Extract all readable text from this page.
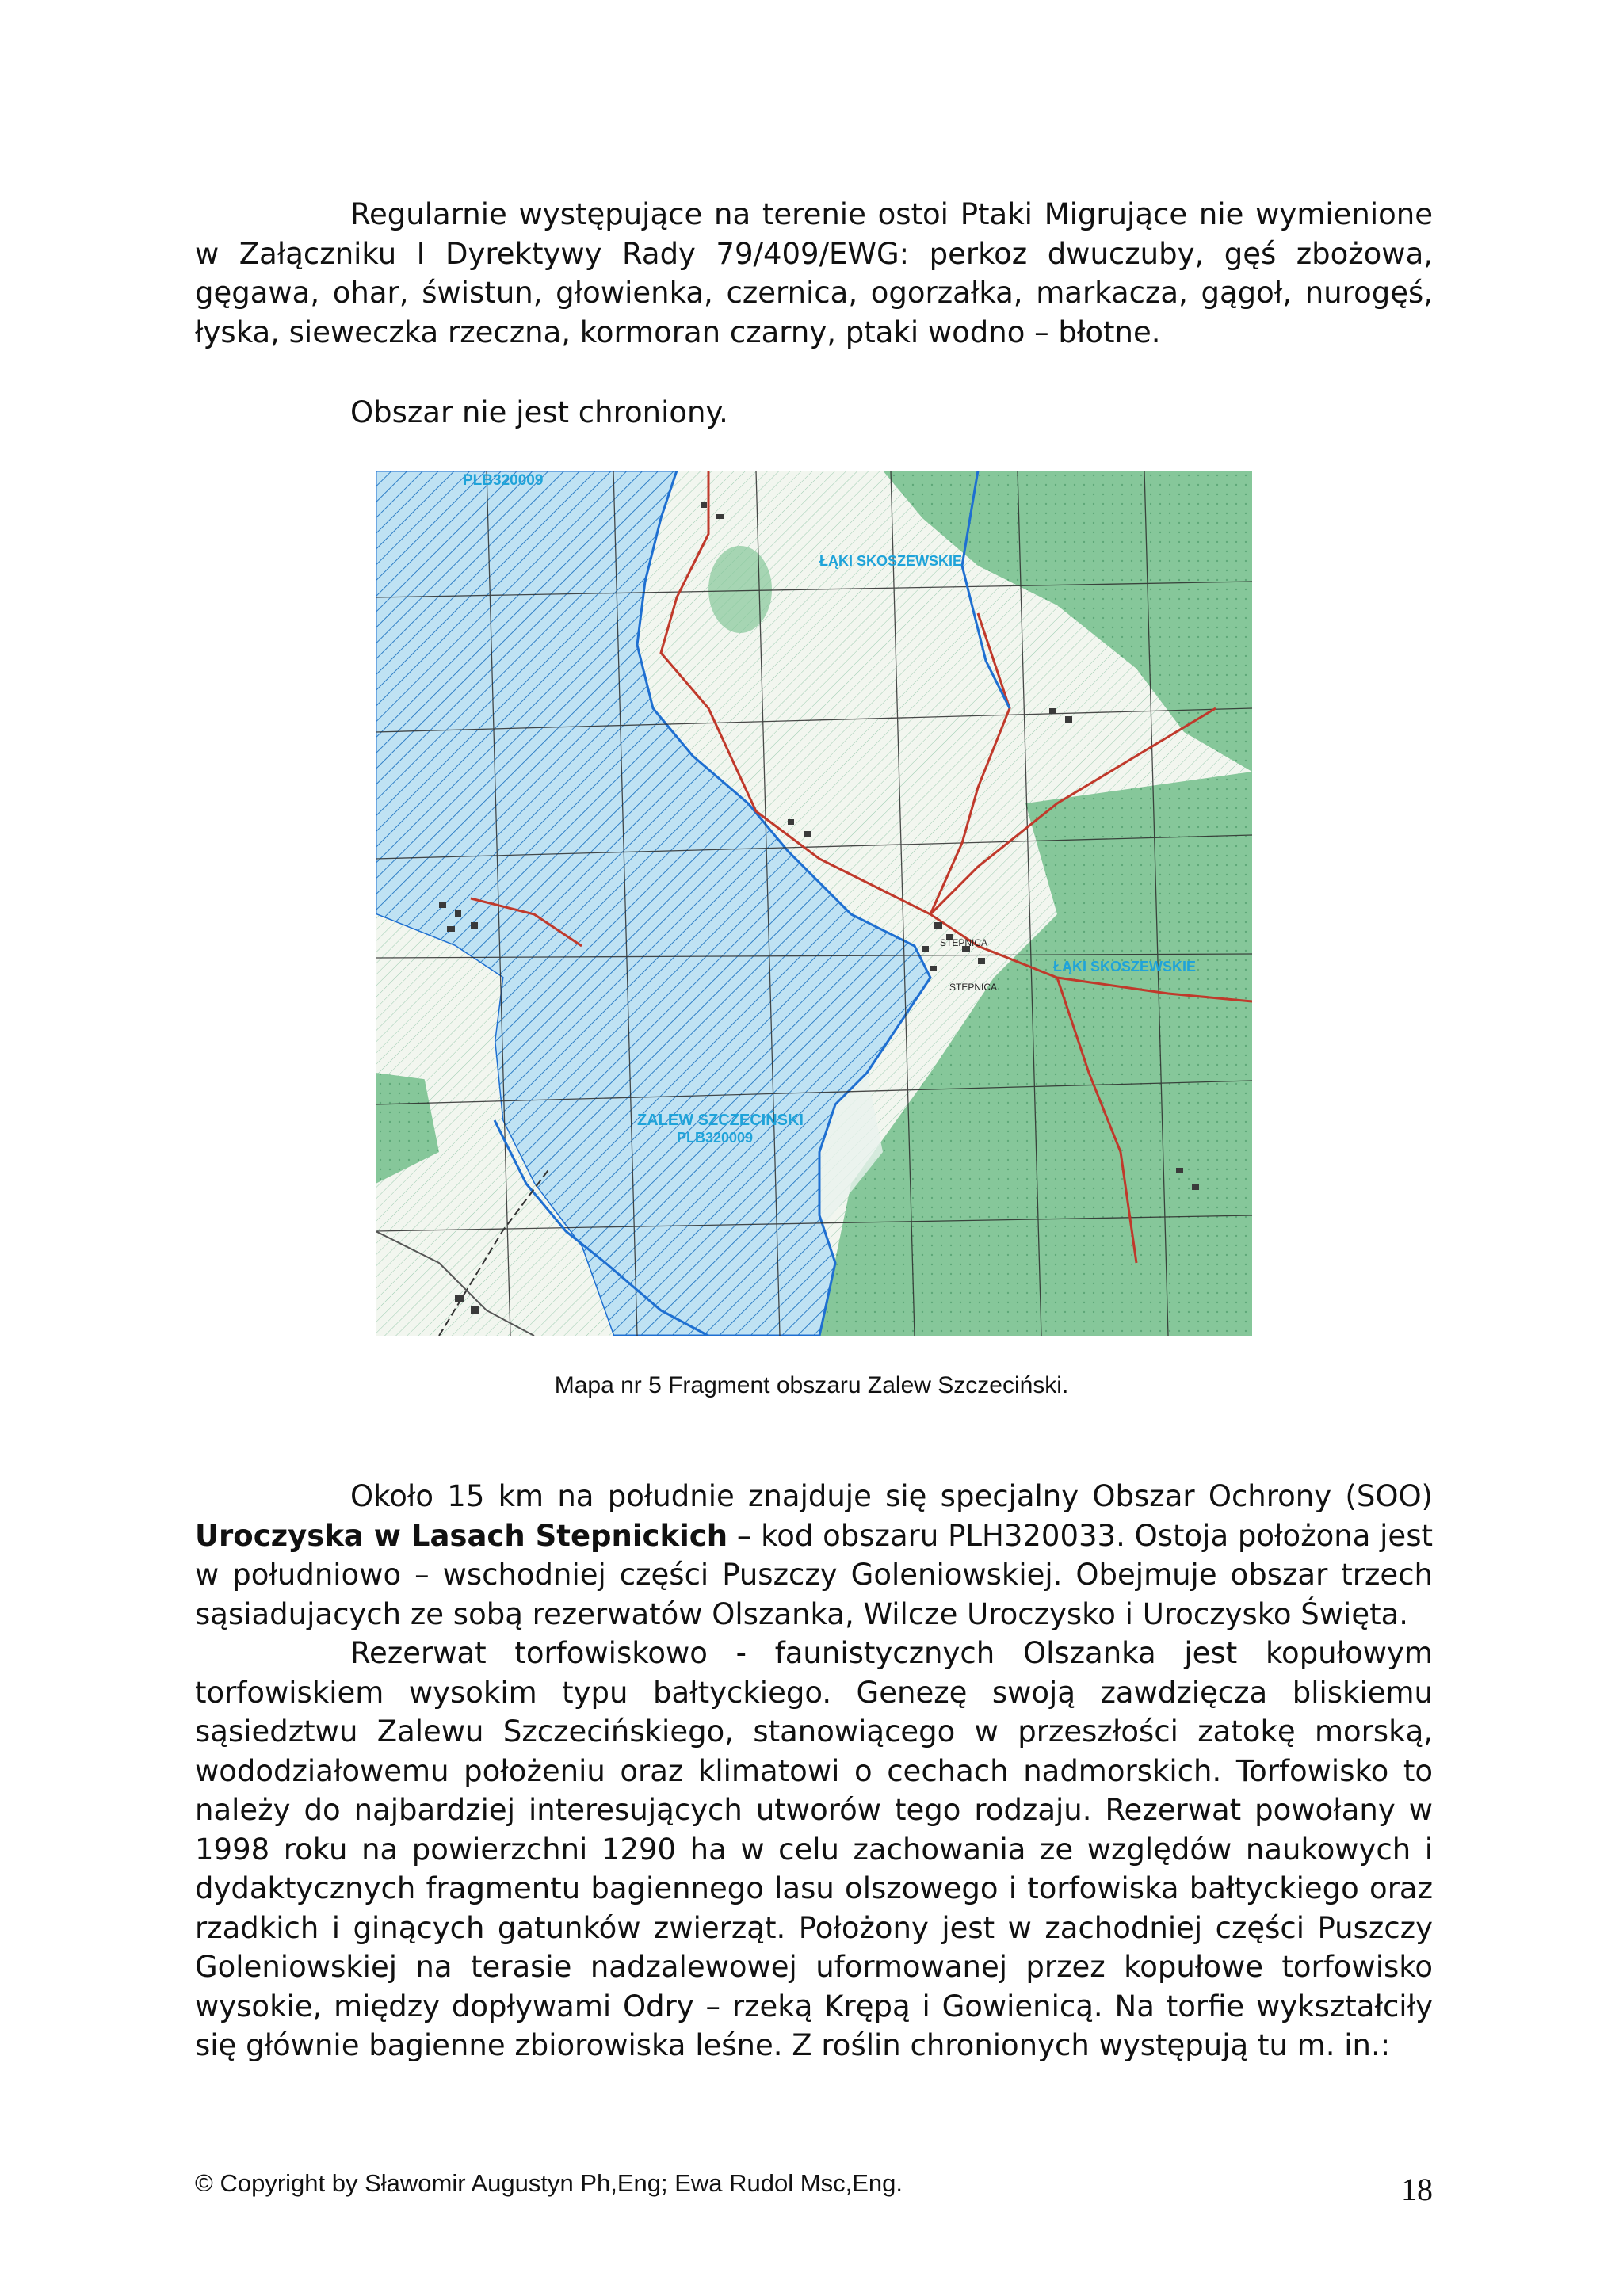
Regularnie występujące na terenie ostoi Ptaki Migrujące nie wymienione w Załączniku I Dyrektywy Rady 79/409/EWG: perkoz dwuczuby, gęś zbożowa, gęgawa, ohar, świstun, głowienka, czernica, ogorzałka, markacza, gągoł, nurogęś, łyska, sieweczka rzeczna, kormoran czarny, ptaki wodno – błotne.

Obszar nie jest chroniony.

PLB320009
ŁĄKI SKOSZEWSKIE
ŁĄKI SKOSZEWSKIE
ZALEW SZCZECIŃSKI
PLB320009
STEPNICA
STEPNICA
Mapa nr 5 Fragment obszaru Zalew Szczeciński.
Około 15 km na południe znajduje się specjalny Obszar Ochrony (SOO) Uroczyska w Lasach Stepnickich – kod obszaru PLH320033. Ostoja położona jest w południowo – wschodniej części Puszczy Goleniowskiej. Obejmuje obszar trzech sąsiadujacych ze sobą rezerwatów Olszanka, Wilcze Uroczysko i Uroczysko Święta.
Rezerwat torfowiskowo - faunistycznych Olszanka jest kopułowym torfowiskiem wysokim typu bałtyckiego. Genezę swoją zawdzięcza bliskiemu sąsiedztwu Zalewu Szczecińskiego, stanowiącego w przeszłości zatokę morską, wododziałowemu położeniu oraz klimatowi o cechach nadmorskich. Torfowisko to należy do najbardziej interesujących utworów tego rodzaju. Rezerwat powołany w 1998 roku na powierzchni 1290 ha w celu zachowania ze względów naukowych i dydaktycznych fragmentu bagiennego lasu olszowego i torfowiska bałtyckiego oraz rzadkich i ginących gatunków zwierząt. Położony jest w zachodniej części Puszczy Goleniowskiej na terasie nadzalewowej uformowanej przez kopułowe torfowisko wysokie, między dopływami Odry – rzeką Krępą i Gowienicą. Na torfie wykształciły się głównie bagienne zbiorowiska leśne. Z roślin chronionych występują tu m. in.:
© Copyright by Sławomir Augustyn Ph,Eng; Ewa Rudol Msc,Eng.	18
